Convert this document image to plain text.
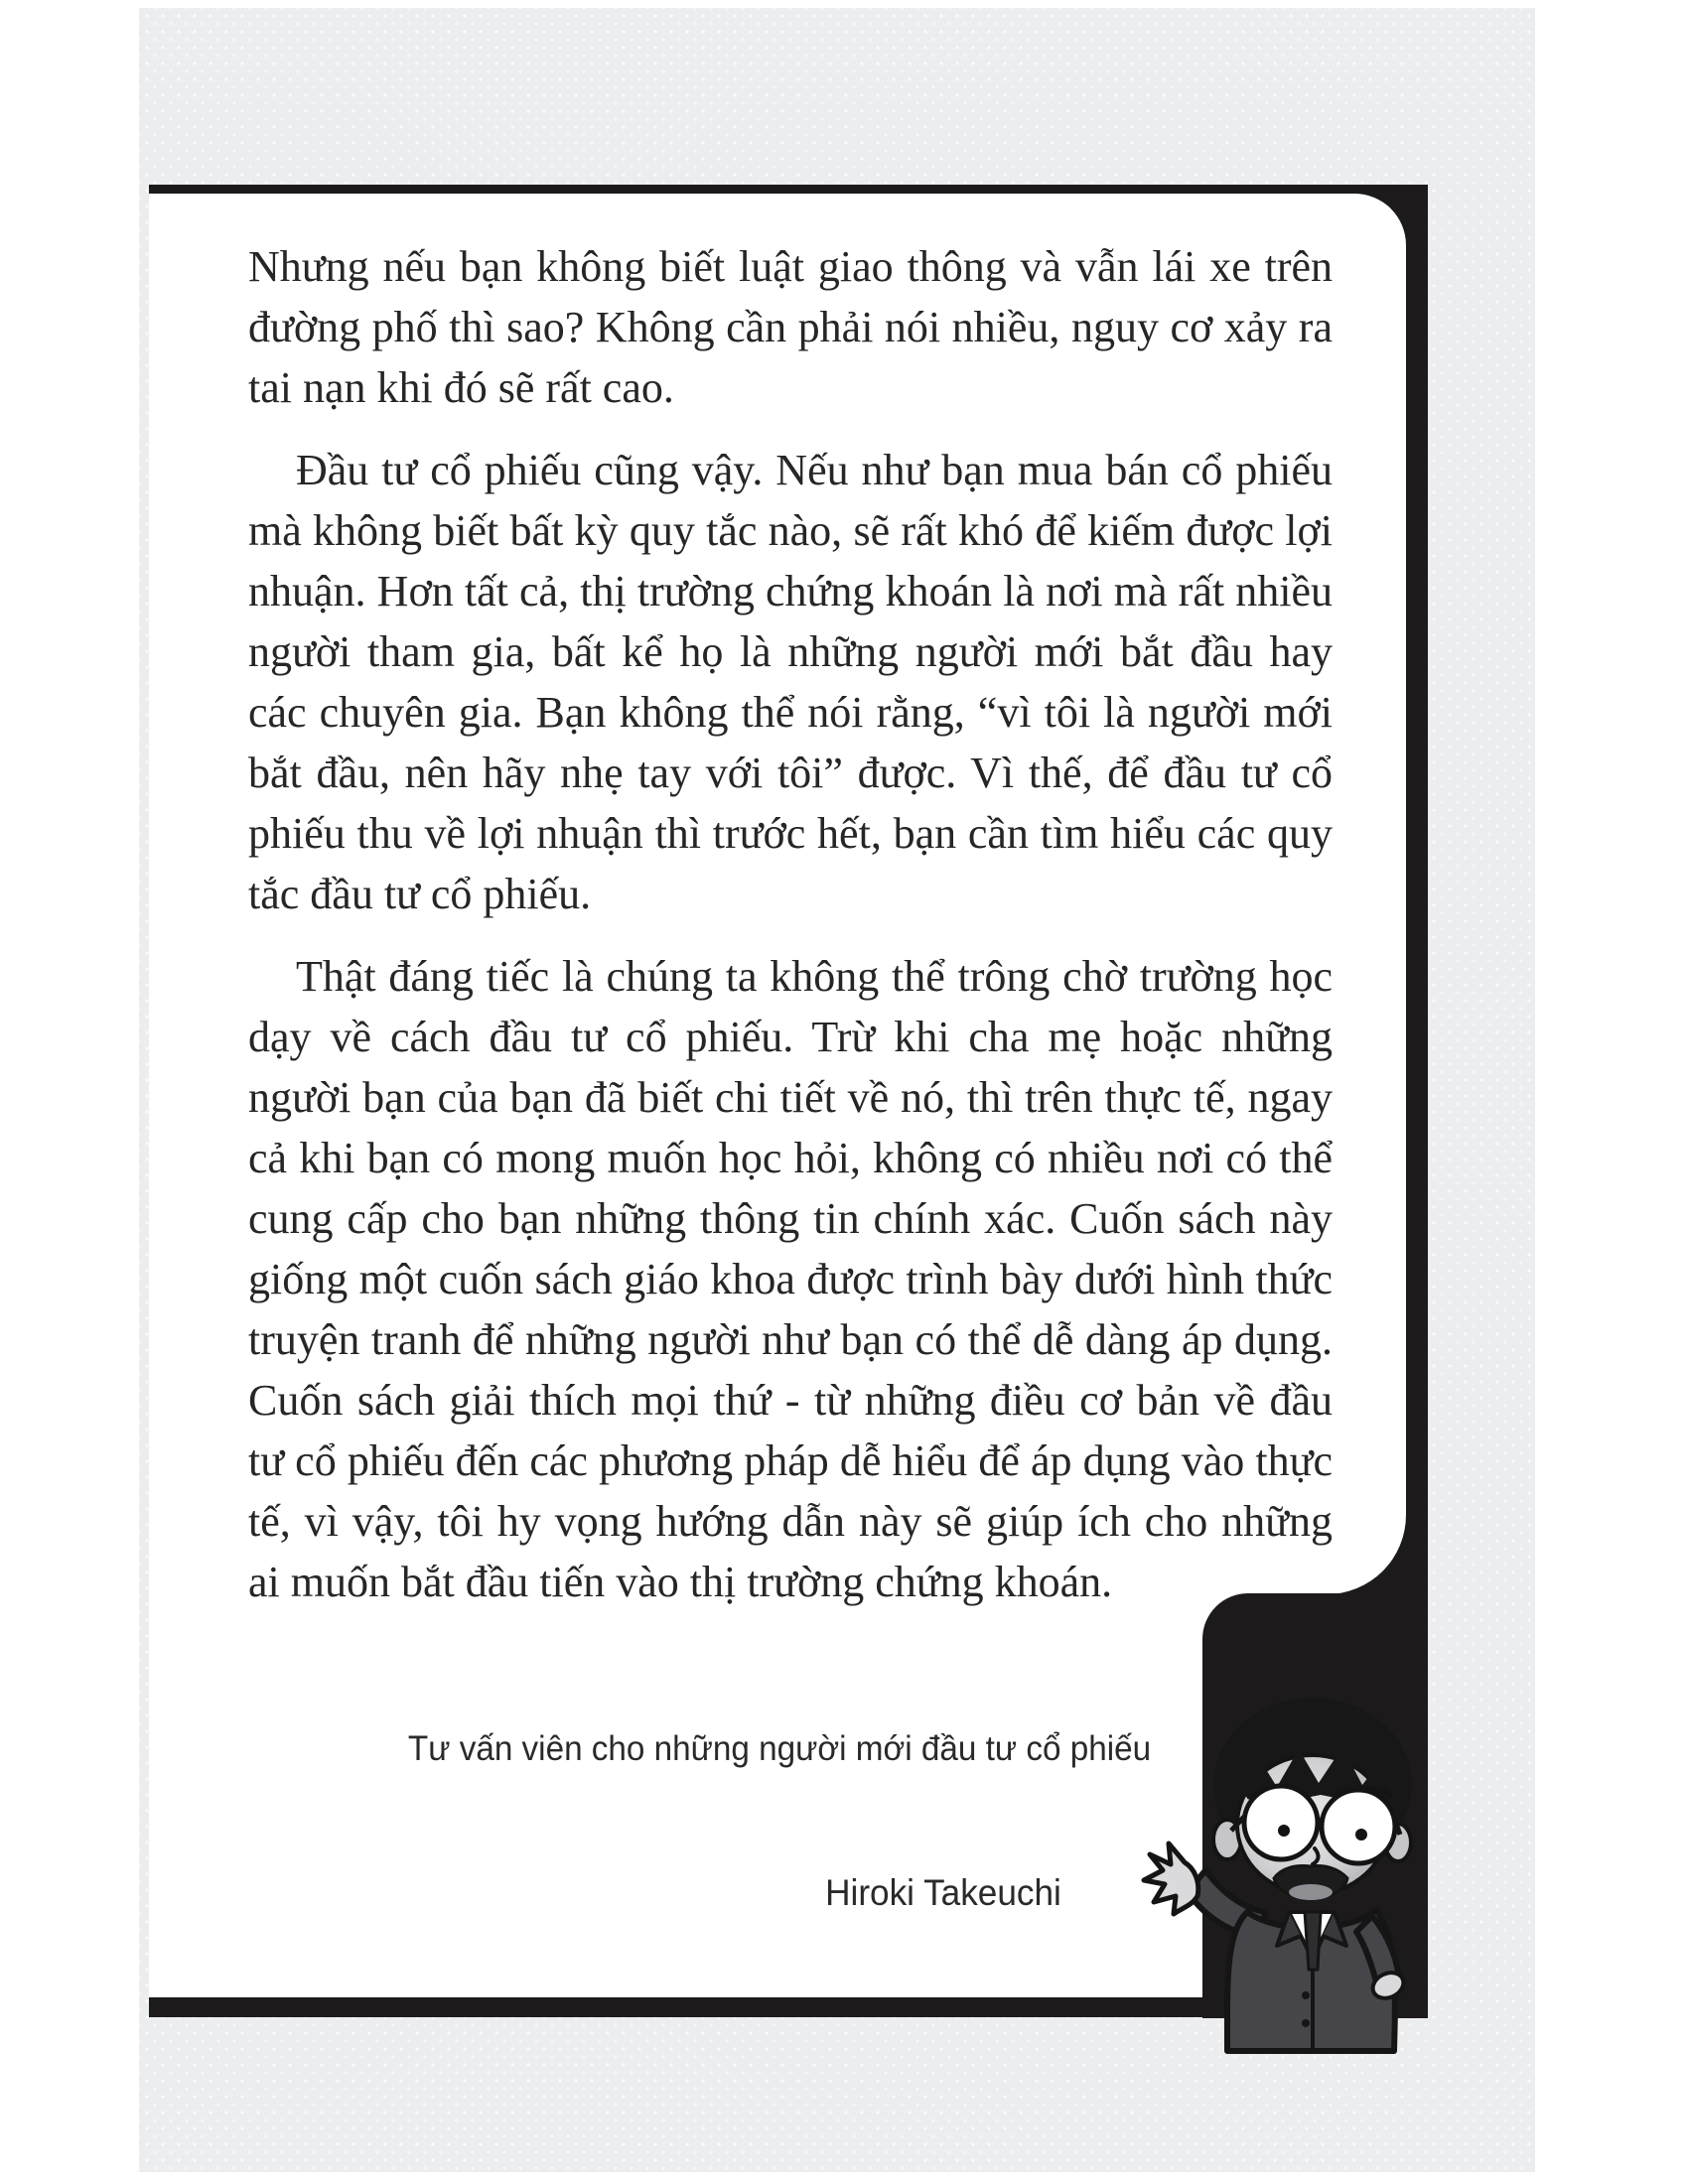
Nhưng nếu bạn không biết luật giao thông và vẫn lái xe trên đường phố thì sao? Không cần phải nói nhiều, nguy cơ xảy ra tai nạn khi đó sẽ rất cao.

Đầu tư cổ phiếu cũng vậy. Nếu như bạn mua bán cổ phiếu mà không biết bất kỳ quy tắc nào, sẽ rất khó để kiếm được lợi nhuận. Hơn tất cả, thị trường chứng khoán là nơi mà rất nhiều người tham gia, bất kể họ là những người mới bắt đầu hay các chuyên gia. Bạn không thể nói rằng, “vì tôi là người mới bắt đầu, nên hãy nhẹ tay với tôi” được. Vì thế, để đầu tư cổ phiếu thu về lợi nhuận thì trước hết, bạn cần tìm hiểu các quy tắc đầu tư cổ phiếu.

Thật đáng tiếc là chúng ta không thể trông chờ trường học dạy về cách đầu tư cổ phiếu. Trừ khi cha mẹ hoặc những người bạn của bạn đã biết chi tiết về nó, thì trên thực tế, ngay cả khi bạn có mong muốn học hỏi, không có nhiều nơi có thể cung cấp cho bạn những thông tin chính xác. Cuốn sách này giống một cuốn sách giáo khoa được trình bày dưới hình thức truyện tranh để những người như bạn có thể dễ dàng áp dụng. Cuốn sách giải thích mọi thứ - từ những điều cơ bản về đầu tư cổ phiếu đến các phương pháp dễ hiểu để áp dụng vào thực tế, vì vậy, tôi hy vọng hướng dẫn này sẽ giúp ích cho những ai muốn bắt đầu tiến vào thị trường chứng khoán.

Tư vấn viên cho những người mới đầu tư cổ phiếu
Hiroki Takeuchi
